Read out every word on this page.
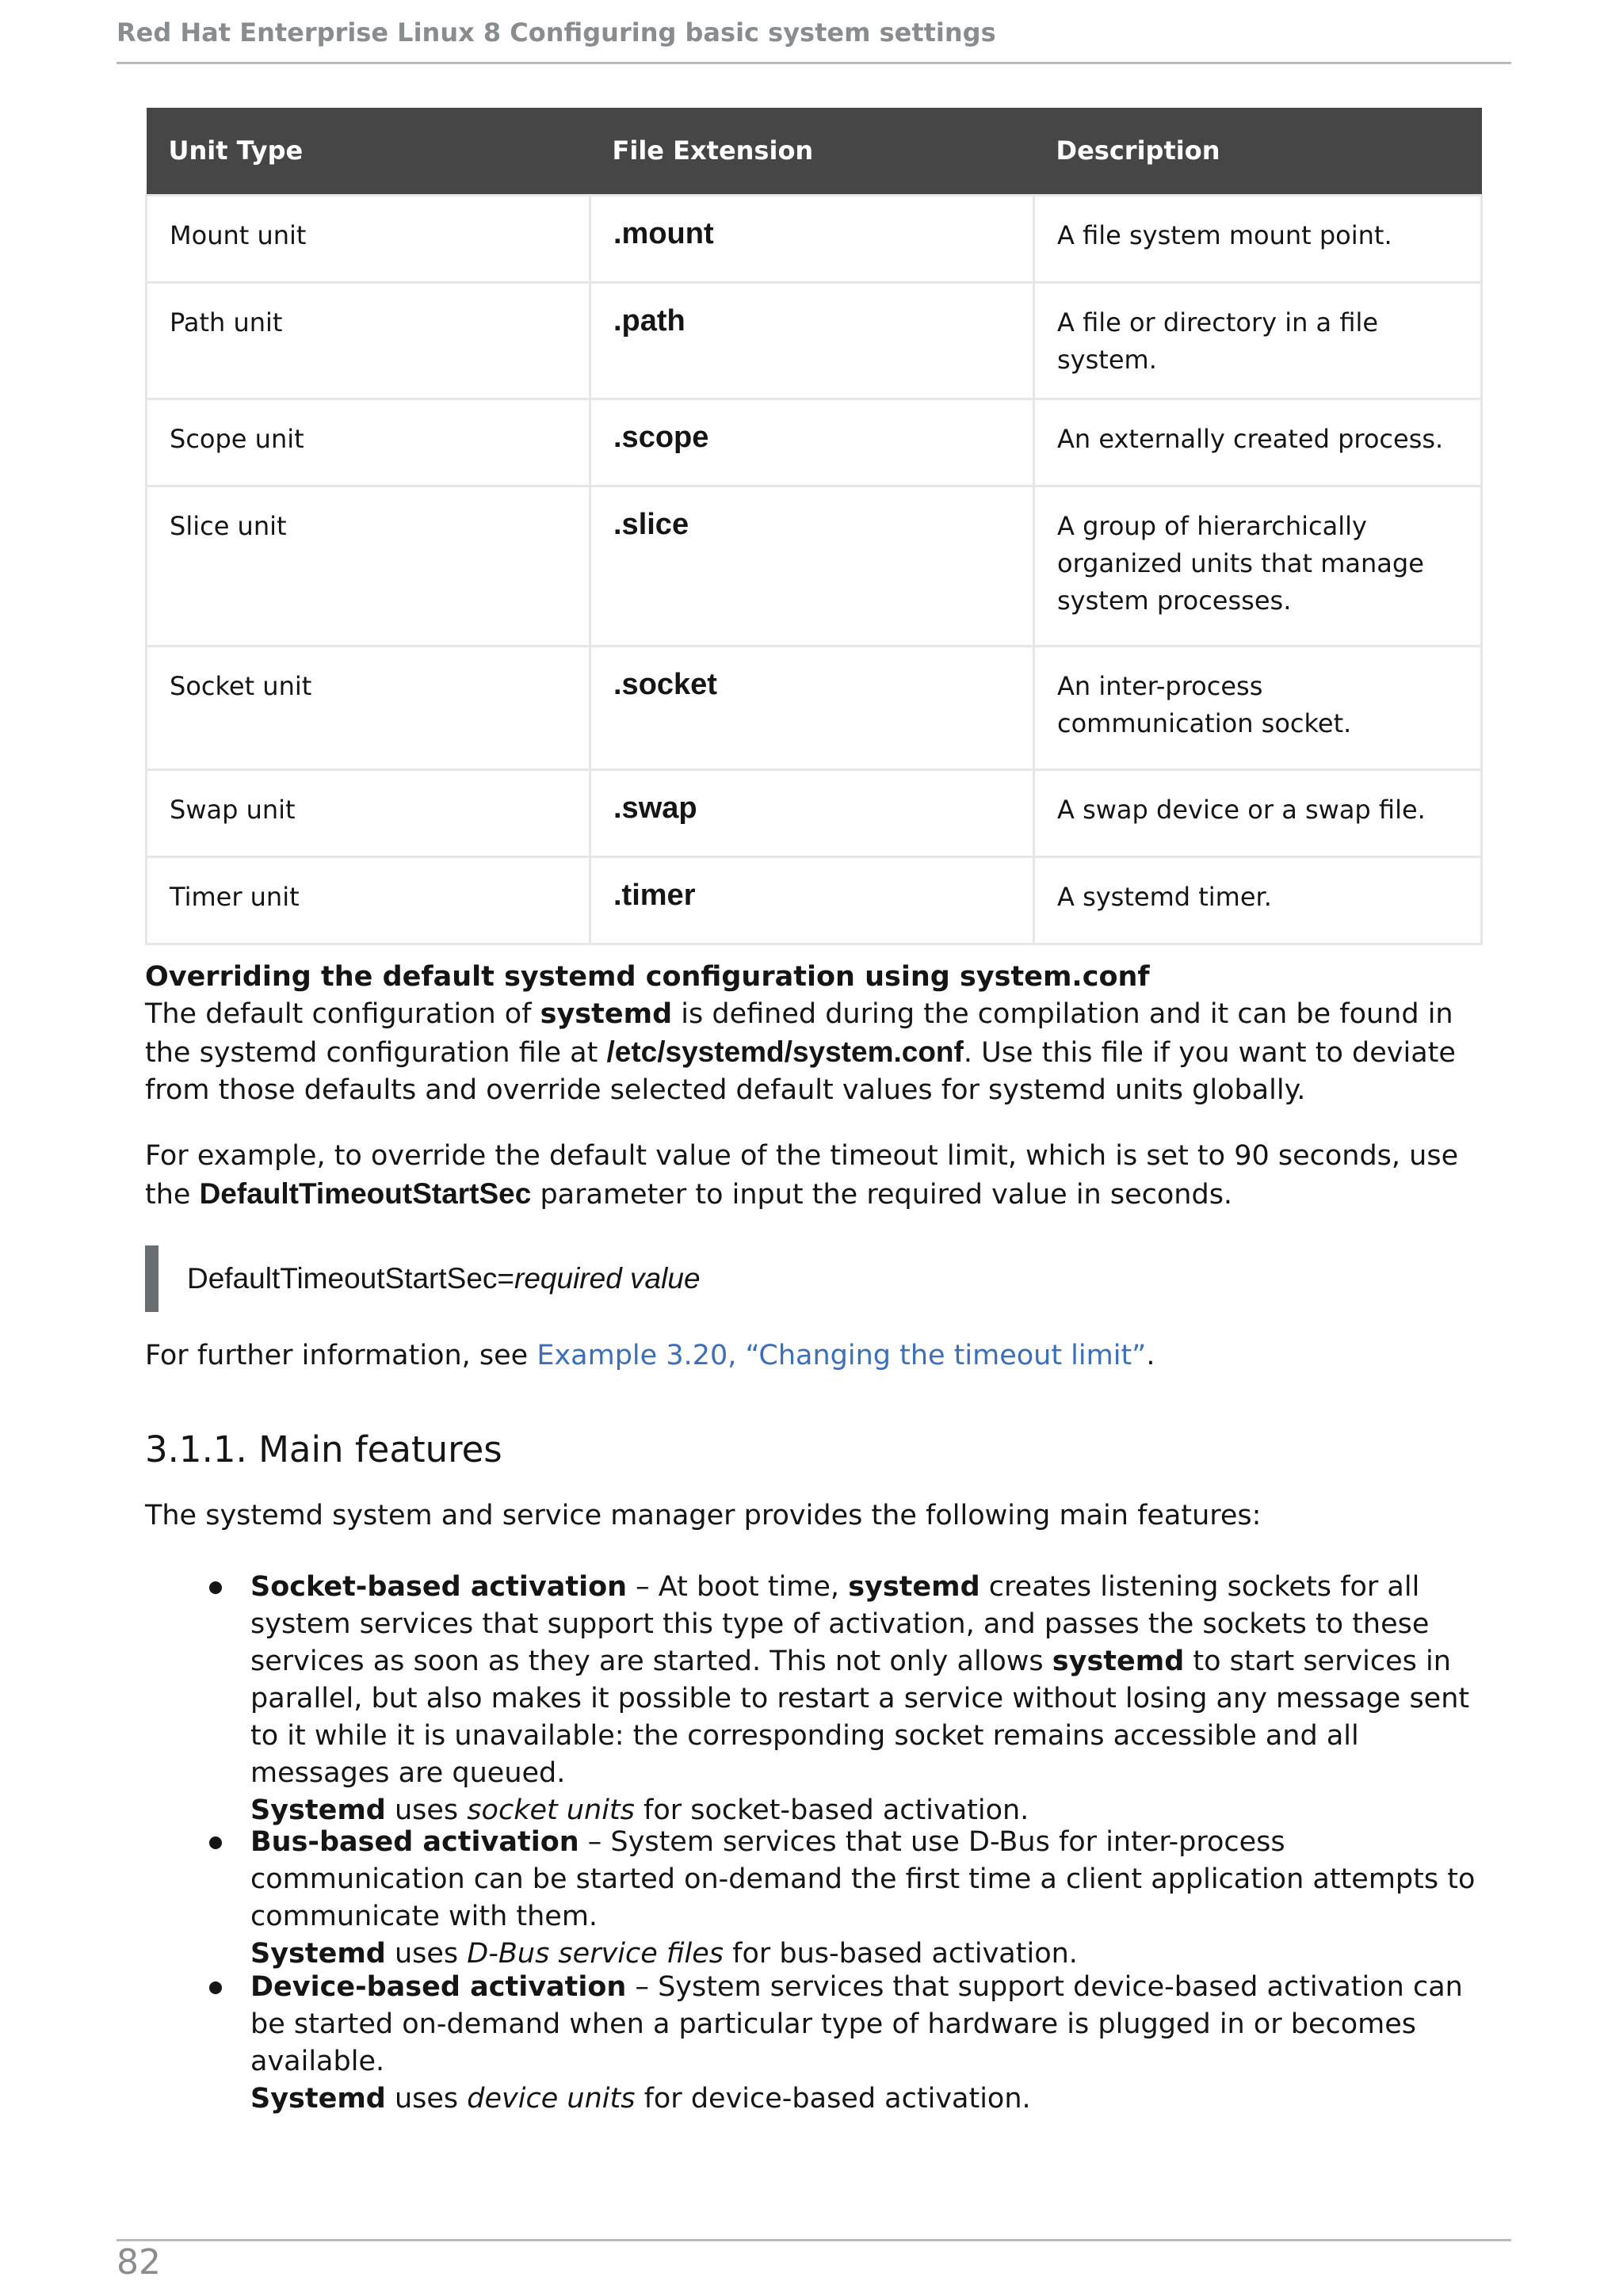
Red Hat Enterprise Linux 8 Configuring basic system settings
Unit Type	File Extension	Description
Mount unit	.mount	A file system mount point.
Path unit	.path	A file or directory in a file system.
Scope unit	.scope	An externally created process.
Slice unit	.slice	A group of hierarchically organized units that manage system processes.
Socket unit	.socket	An inter-process communication socket.
Swap unit	.swap	A swap device or a swap file.
Timer unit	.timer	A systemd timer.
Overriding the default systemd configuration using system.conf

The default configuration of systemd is defined during the compilation and it can be found in the systemd configuration file at /etc/systemd/system.conf. Use this file if you want to deviate from those defaults and override selected default values for systemd units globally.

For example, to override the default value of the timeout limit, which is set to 90 seconds, use the DefaultTimeoutStartSec parameter to input the required value in seconds.
DefaultTimeoutStartSec=required value
For further information, see Example 3.20, “Changing the timeout limit”.
3.1.1. Main features
The systemd system and service manager provides the following main features:
Socket-based activation – At boot time, systemd creates listening sockets for all system services that support this type of activation, and passes the sockets to these services as soon as they are started. This not only allows systemd to start services in parallel, but also makes it possible to restart a service without losing any message sent to it while it is unavailable: the corresponding socket remains accessible and all messages are queued.
Systemd uses socket units for socket-based activation.
Bus-based activation – System services that use D-Bus for inter-process communication can be started on-demand the first time a client application attempts to communicate with them.
Systemd uses D-Bus service files for bus-based activation.
Device-based activation – System services that support device-based activation can be started on-demand when a particular type of hardware is plugged in or becomes available.
Systemd uses device units for device-based activation.
82
